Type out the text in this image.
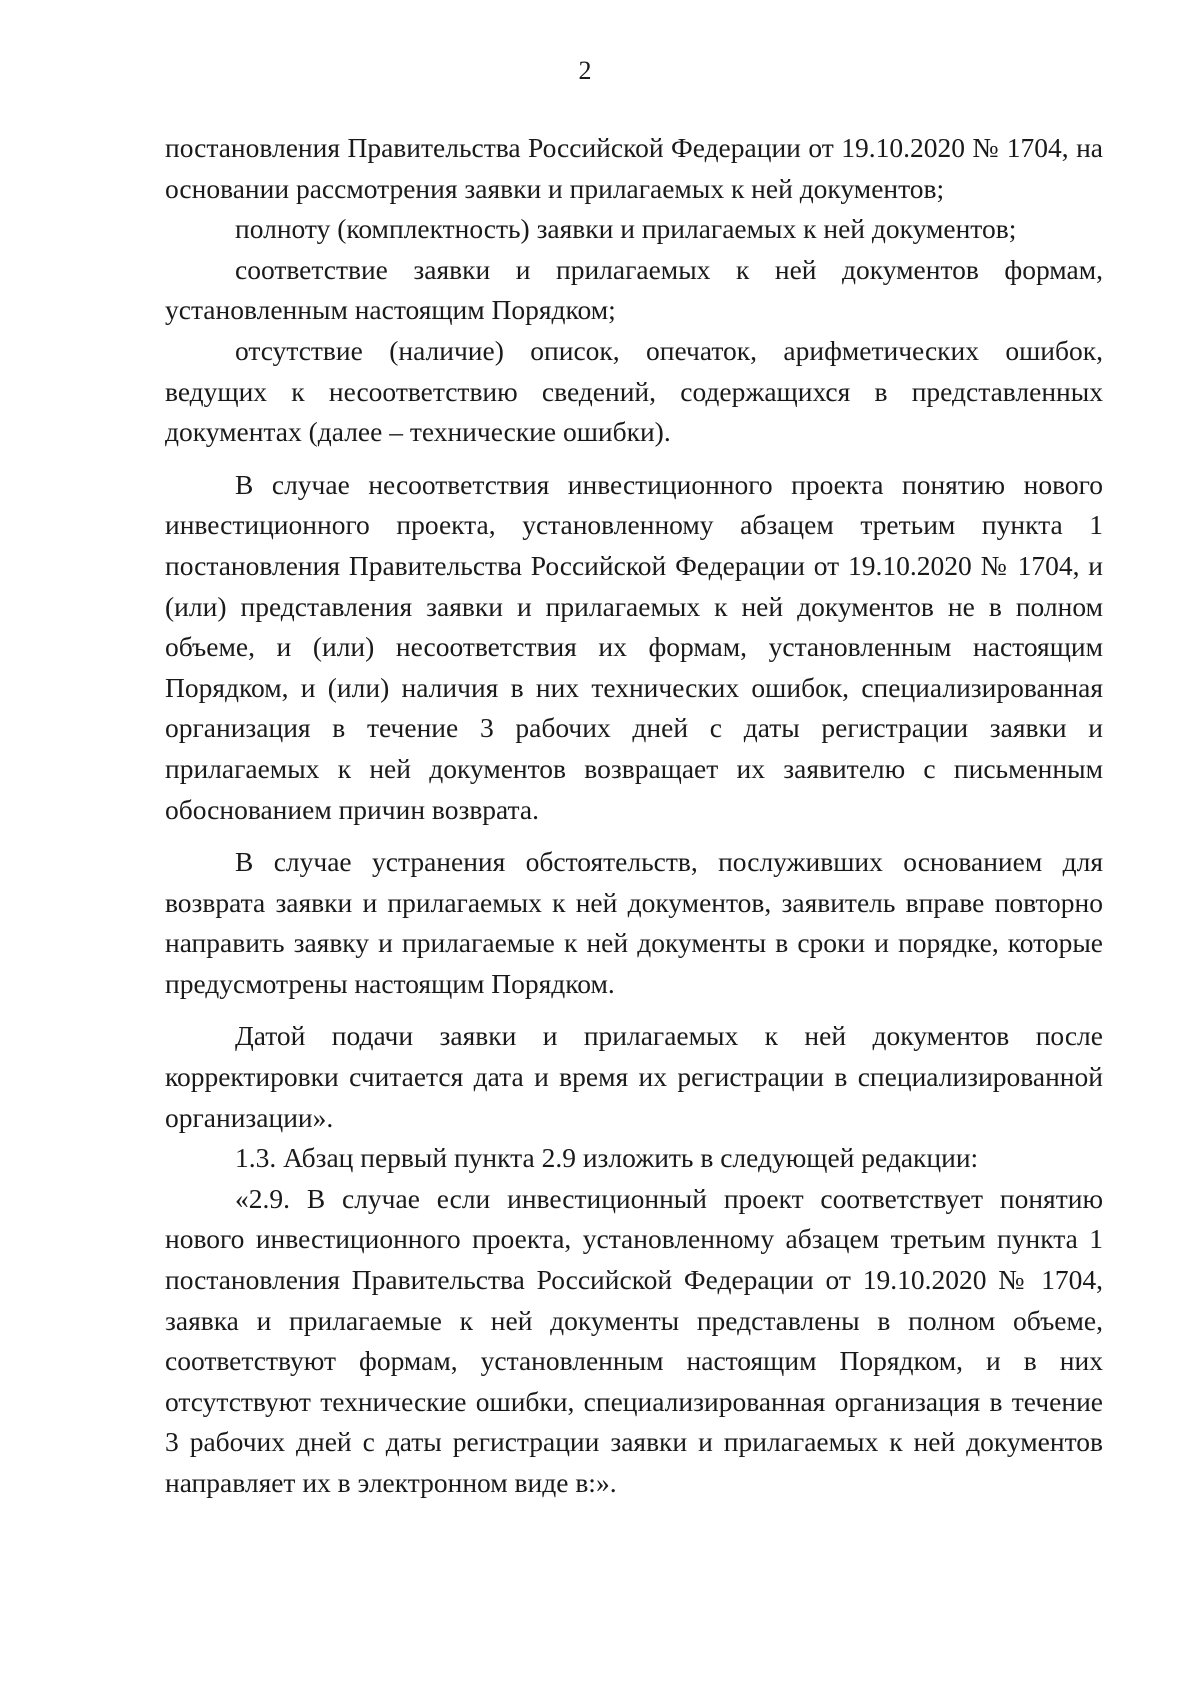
2

постановления Правительства Российской Федерации от 19.10.2020 № 1704, на основании рассмотрения заявки и прилагаемых к ней документов;

полноту (комплектность) заявки и прилагаемых к ней документов;

соответствие заявки и прилагаемых к ней документов формам, установленным настоящим Порядком;

отсутствие (наличие) описок, опечаток, арифметических ошибок, ведущих к несоответствию сведений, содержащихся в представленных документах (далее – технические ошибки).

В случае несоответствия инвестиционного проекта понятию нового инвестиционного проекта, установленному абзацем третьим пункта 1 постановления Правительства Российской Федерации от 19.10.2020 № 1704, и (или) представления заявки и прилагаемых к ней документов не в полном объеме, и (или) несоответствия их формам, установленным настоящим Порядком, и (или) наличия в них технических ошибок, специализированная организация в течение 3 рабочих дней с даты регистрации заявки и прилагаемых к ней документов возвращает их заявителю с письменным обоснованием причин возврата.

В случае устранения обстоятельств, послуживших основанием для возврата заявки и прилагаемых к ней документов, заявитель вправе повторно направить заявку и прилагаемые к ней документы в сроки и порядке, которые предусмотрены настоящим Порядком.

Датой подачи заявки и прилагаемых к ней документов после корректировки считается дата и время их регистрации в специализированной организации».

1.3. Абзац первый пункта 2.9 изложить в следующей редакции:

«2.9. В случае если инвестиционный проект соответствует понятию нового инвестиционного проекта, установленному абзацем третьим пункта 1 постановления Правительства Российской Федерации от 19.10.2020 № 1704, заявка и прилагаемые к ней документы представлены в полном объеме, соответствуют формам, установленным настоящим Порядком, и в них отсутствуют технические ошибки, специализированная организация в течение 3 рабочих дней с даты регистрации заявки и прилагаемых к ней документов направляет их в электронном виде в:».
